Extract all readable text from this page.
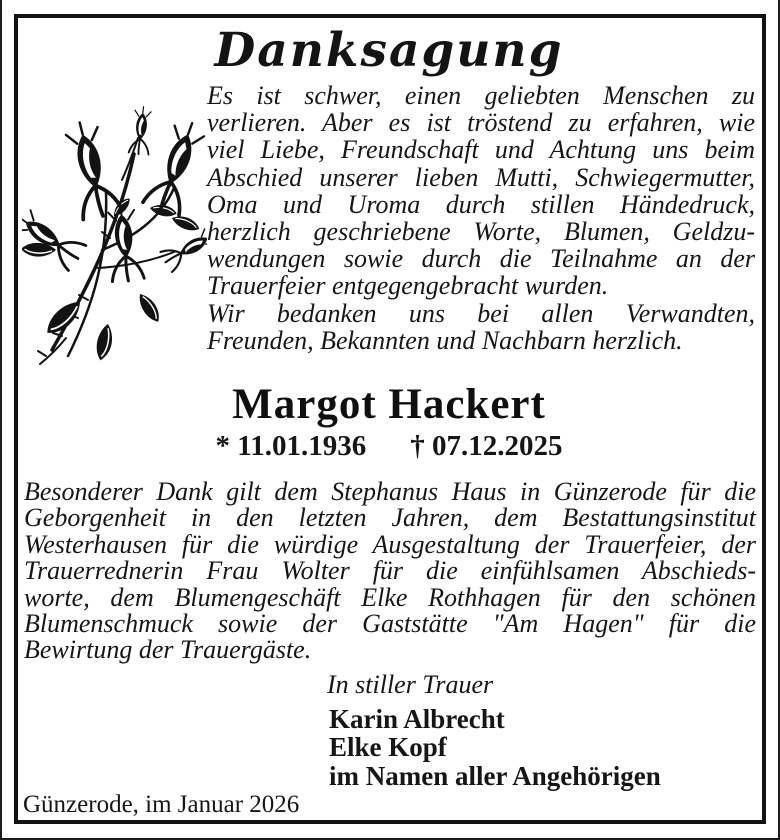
Danksagung
Es ist schwer, einen geliebten Menschen zu
verlieren. Aber es ist tröstend zu erfahren, wie
viel Liebe, Freundschaft und Achtung uns beim
Abschied unserer lieben Mutti, Schwiegermutter,
Oma und Uroma durch stillen Händedruck,
herzlich geschriebene Worte, Blumen, Geldzu-
wendungen sowie durch die Teilnahme an der
Trauerfeier entgegengebracht wurden.
Wir bedanken uns bei allen Verwandten,
Freunden, Bekannten und Nachbarn herzlich.
Margot Hackert
* 11.01.1936 † 07.12.2025
Besonderer Dank gilt dem Stephanus Haus in Günzerode für die
Geborgenheit in den letzten Jahren, dem Bestattungsinstitut
Westerhausen für die würdige Ausgestaltung der Trauerfeier, der
Trauerrednerin Frau Wolter für die einfühlsamen Abschieds-
worte, dem Blumengeschäft Elke Rothhagen für den schönen
Blumenschmuck sowie der Gaststätte "Am Hagen" für die
Bewirtung der Trauergäste.
In stiller Trauer
Karin Albrecht
Elke Kopf
im Namen aller Angehörigen
Günzerode, im Januar 2026
